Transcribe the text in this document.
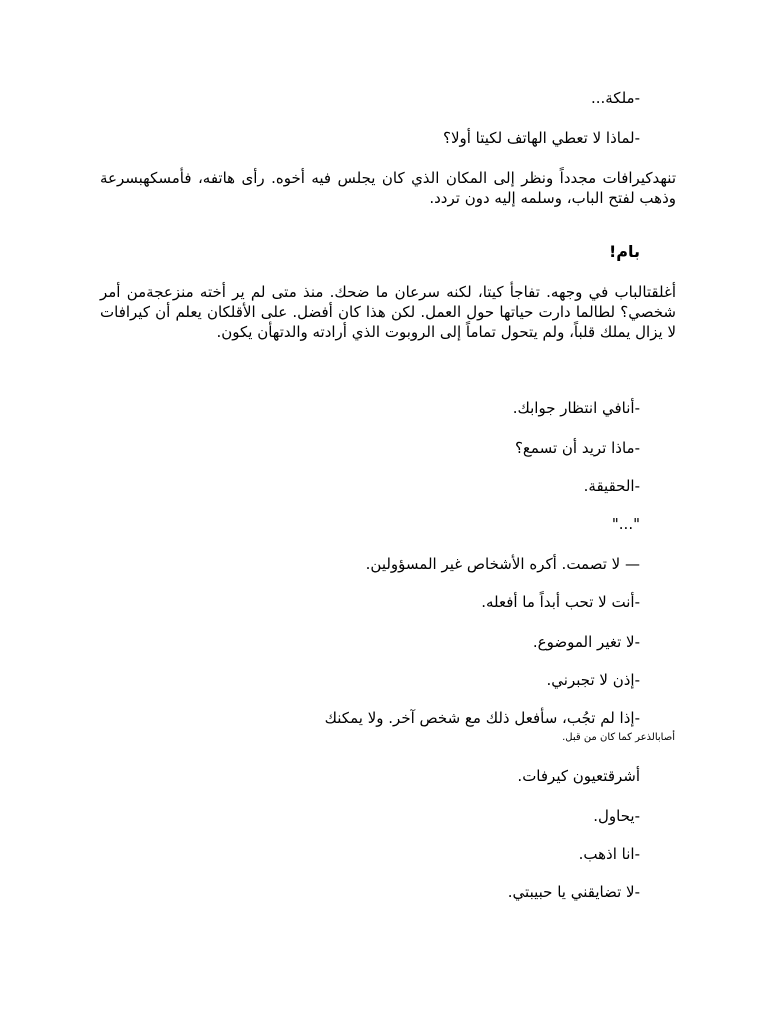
-ملكة...
-لماذا لا تعطي الهاتف لكيتا أولا؟
تنهدكيرافات مجدداً ونظر إلى المكان الذي كان يجلس فيه أخوه. رأى هاتفه، فأمسكهبسرعة وذهب لفتح الباب، وسلمه إليه دون تردد.
بام!
أغلقتالباب في وجهه. تفاجأ كيتا، لكنه سرعان ما ضحك. منذ متى لم ير أخته منزعجةمن أمر شخصي؟ لطالما دارت حياتها حول العمل. لكن هذا كان أفضل. على الأقلكان يعلم أن كيرافات لا يزال يملك قلباً، ولم يتحول تماماً إلى الروبوت الذي أرادته والدتهأن يكون.
-أنافي انتظار جوابك.
-ماذا تريد أن تسمع؟
-الحقيقة.
"..."
— لا تصمت. أكره الأشخاص غير المسؤولين.
-أنت لا تحب أبداً ما أفعله.
-لا تغير الموضوع.
-إذن لا تجبرني.
-إذا لم تجُب، سأفعل ذلك مع شخص آخر. ولا يمكنك
أصابالذعر كما كان من قبل.
أشرقتعيون كيرفات.
-يحاول.
-انا اذهب.
-لا تضايقني يا حبيبتي.
